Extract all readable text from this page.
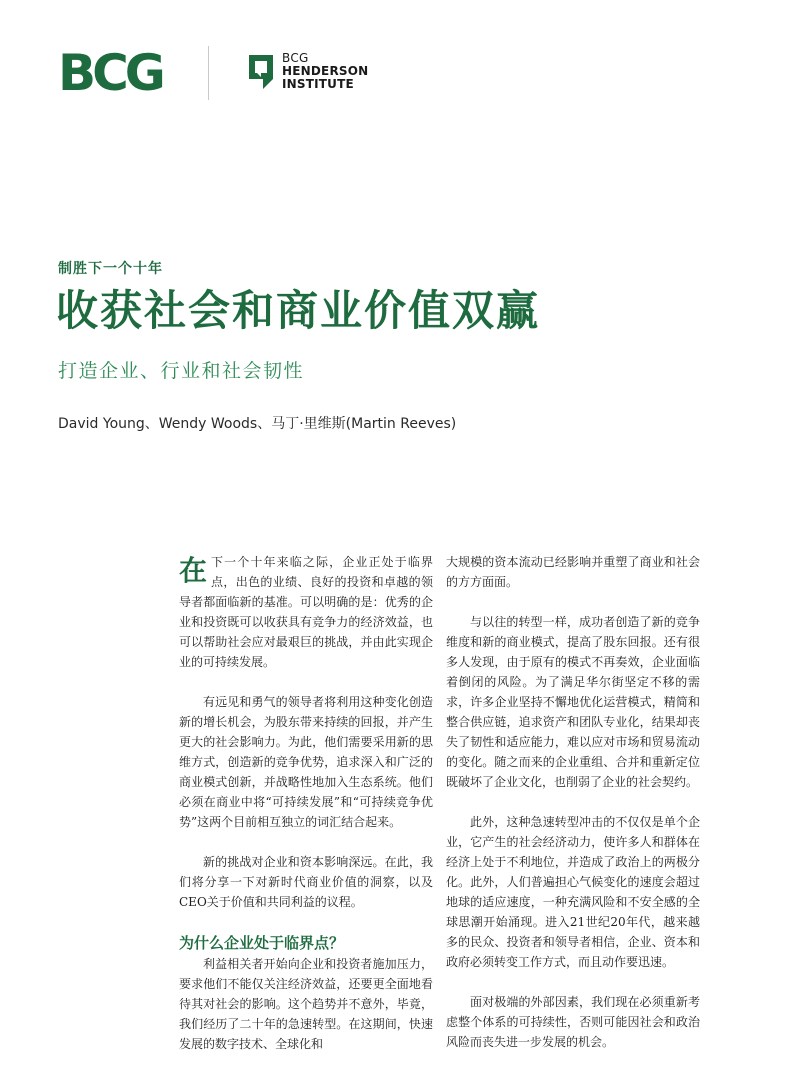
BCG	BCG
HENDERSON
INSTITUTE
制胜下一个十年
收获社会和商业价值双赢
打造企业、行业和社会韧性
David Young、Wendy Woods、马丁·里维斯(Martin Reeves)

在下一个十年来临之际，企业正处于临界点，出色的业绩、良好的投资和卓越的领导者都面临新的基准。可以明确的是：优秀的企业和投资既可以收获具有竞争力的经济效益，也可以帮助社会应对最艰巨的挑战，并由此实现企业的可持续发展。

有远见和勇气的领导者将利用这种变化创造新的增长机会，为股东带来持续的回报，并产生更大的社会影响力。为此，他们需要采用新的思维方式，创造新的竞争优势，追求深入和广泛的商业模式创新，并战略性地加入生态系统。他们必须在商业中将“可持续发展”和“可持续竞争优势”这两个目前相互独立的词汇结合起来。

新的挑战对企业和资本影响深远。在此，我们将分享一下对新时代商业价值的洞察，以及CEO关于价值和共同利益的议程。

为什么企业处于临界点？

利益相关者开始向企业和投资者施加压力，要求他们不能仅关注经济效益，还要更全面地看待其对社会的影响。这个趋势并不意外，毕竟，我们经历了二十年的急速转型。在这期间，快速发展的数字技术、全球化和

大规模的资本流动已经影响并重塑了商业和社会的方方面面。

与以往的转型一样，成功者创造了新的竞争维度和新的商业模式，提高了股东回报。还有很多人发现，由于原有的模式不再奏效，企业面临着倒闭的风险。为了满足华尔街坚定不移的需求，许多企业坚持不懈地优化运营模式，精简和整合供应链，追求资产和团队专业化，结果却丧失了韧性和适应能力，难以应对市场和贸易流动的变化。随之而来的企业重组、合并和重新定位既破坏了企业文化，也削弱了企业的社会契约。

此外，这种急速转型冲击的不仅仅是单个企业，它产生的社会经济动力，使许多人和群体在经济上处于不利地位，并造成了政治上的两极分化。此外，人们普遍担心气候变化的速度会超过地球的适应速度，一种充满风险和不安全感的全球思潮开始涌现。进入21世纪20年代，越来越多的民众、投资者和领导者相信，企业、资本和政府必须转变工作方式，而且动作要迅速。

面对极端的外部因素，我们现在必须重新考虑整个体系的可持续性，否则可能因社会和政治风险而丧失进一步发展的机会。
